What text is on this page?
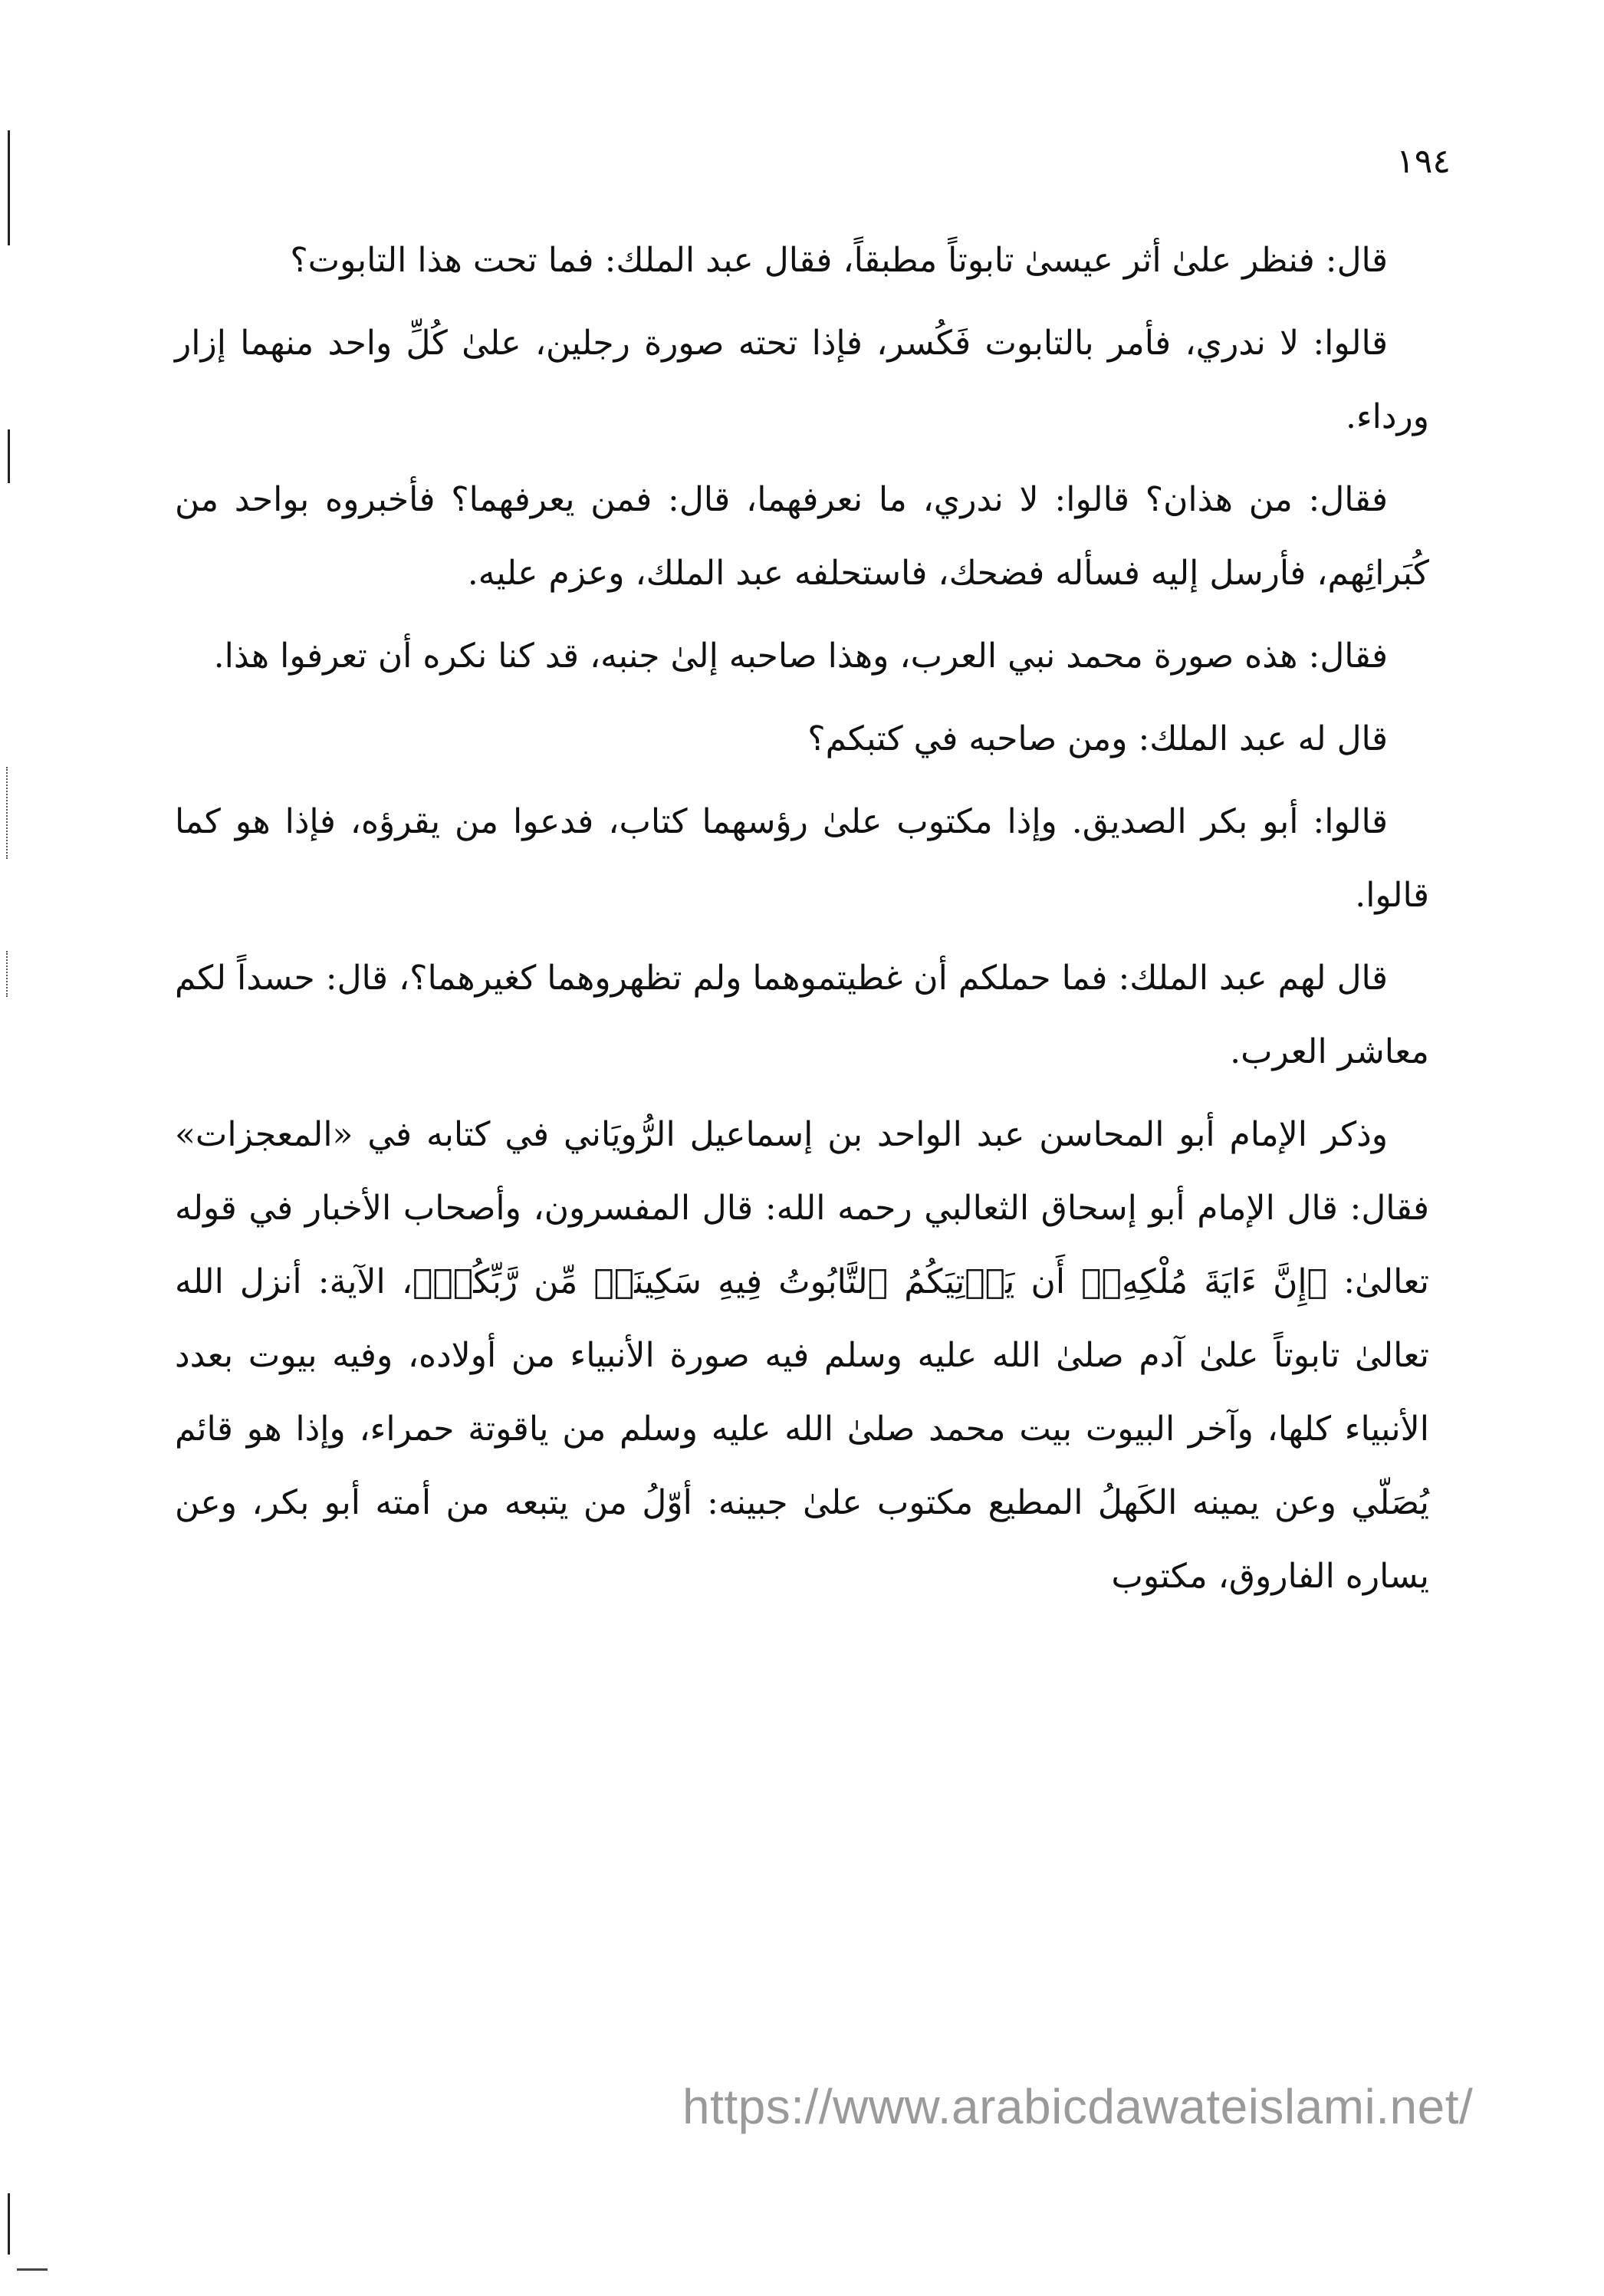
١٩٤

قال: فنظر علىٰ أثر عيسىٰ تابوتاً مطبقاً، فقال عبد الملك: فما تحت هذا التابوت؟

قالوا: لا ندري، فأمر بالتابوت فَكُسر، فإذا تحته صورة رجلين، علىٰ كُلِّ واحد منهما إزار ورداء.

فقال: من هذان؟ قالوا: لا ندري، ما نعرفهما، قال: فمن يعرفهما؟ فأخبروه بواحد من كُبَرائِهم، فأرسل إليه فسأله فضحك، فاستحلفه عبد الملك، وعزم عليه.

فقال: هذه صورة محمد نبي العرب، وهذا صاحبه إلىٰ جنبه، قد كنا نكره أن تعرفوا هذا.

قال له عبد الملك: ومن صاحبه في كتبكم؟

قالوا: أبو بكر الصديق. وإذا مكتوب علىٰ رؤسهما كتاب، فدعوا من يقرؤه، فإذا هو كما قالوا.

قال لهم عبد الملك: فما حملكم أن غطيتموهما ولم تظهروهما كغيرهما؟، قال: حسداً لكم معاشر العرب.

وذكر الإمام أبو المحاسن عبد الواحد بن إسماعيل الرُّويَاني في كتابه في «المعجزات» فقال: قال الإمام أبو إسحاق الثعالبي رحمه الله: قال المفسرون، وأصحاب الأخبار في قوله تعالىٰ: ﴿إِنَّ ءَايَةَ مُلْكِهِۦٓ أَن يَأۡتِيَكُمُ ٱلتَّابُوتُ فِيهِ سَكِينَةٞ مِّن رَّبِّكُمۡ﴾، الآية: أنزل الله تعالىٰ تابوتاً علىٰ آدم صلىٰ الله عليه وسلم فيه صورة الأنبياء من أولاده، وفيه بيوت بعدد الأنبياء كلها، وآخر البيوت بيت محمد صلىٰ الله عليه وسلم من ياقوتة حمراء، وإذا هو قائم يُصَلّي وعن يمينه الكَهلُ المطيع مكتوب علىٰ جبينه: أوّلُ من يتبعه من أمته أبو بكر، وعن يساره الفاروق، مكتوب

https://www.arabicdawateislami.net/
